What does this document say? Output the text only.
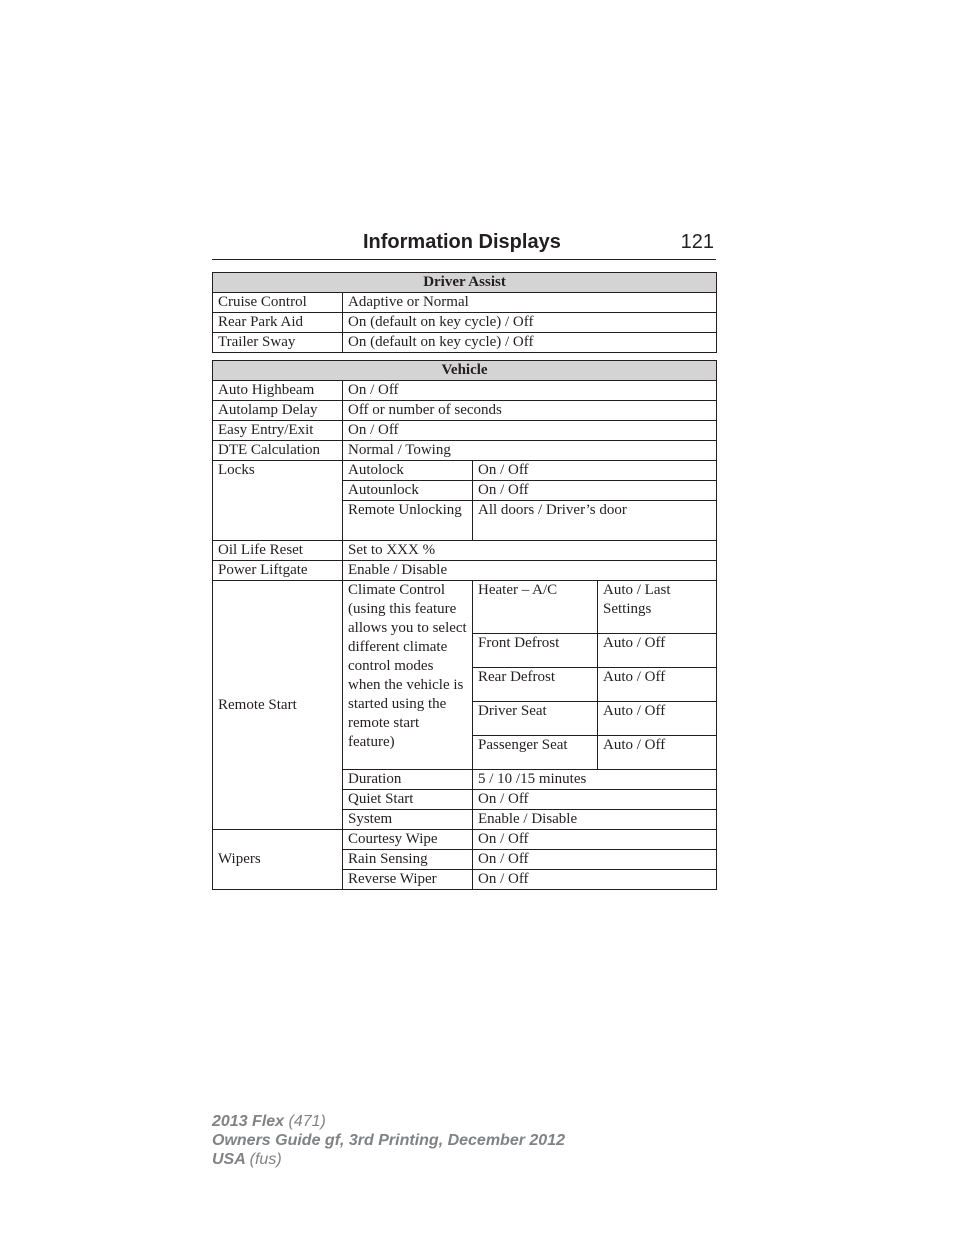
Information Displays	121
Driver Assist	
Cruise Control	Adaptive or Normal
Rear Park Aid	On (default on key cycle) / Off
Trailer Sway	On (default on key cycle) / Off
Vehicle			
Auto Highbeam	On / Off		
Autolamp Delay	Off or number of seconds		
Easy Entry/Exit	On / Off		
DTE Calculation	Normal / Towing		
Locks	Autolock	On / Off	
	Autounlock	On / Off	
	Remote Unlocking	All doors / Driver’s door	
Oil Life Reset	Set to XXX %		
Power Liftgate	Enable / Disable		
Remote Start	Climate Control (using this feature allows you to select different climate control modes when the vehicle is started using the remote start feature)	Heater – A/C	Auto / Last Settings
		Front Defrost	Auto / Off
		Rear Defrost	Auto / Off
		Driver Seat	Auto / Off
		Passenger Seat	Auto / Off
	Duration	5 / 10 /15 minutes	
	Quiet Start	On / Off	
	System	Enable / Disable	
Wipers	Courtesy Wipe	On / Off	
	Rain Sensing	On / Off	
	Reverse Wiper	On / Off	
2013 Flex (471)
Owners Guide gf, 3rd Printing, December 2012
USA (fus)
